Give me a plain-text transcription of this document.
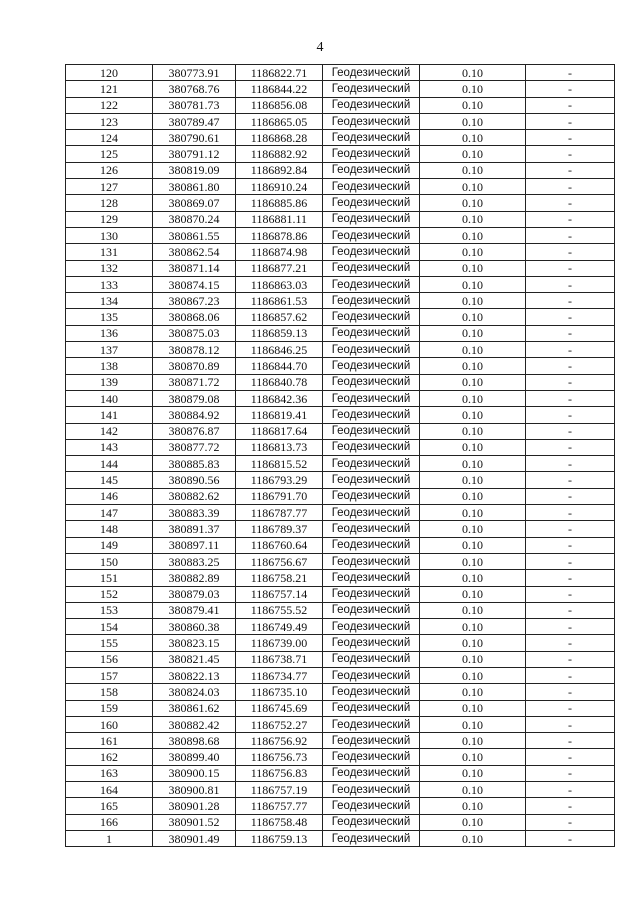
4
120	380773.91	1186822.71	Геодезический	0.10	-
121	380768.76	1186844.22	Геодезический	0.10	-
122	380781.73	1186856.08	Геодезический	0.10	-
123	380789.47	1186865.05	Геодезический	0.10	-
124	380790.61	1186868.28	Геодезический	0.10	-
125	380791.12	1186882.92	Геодезический	0.10	-
126	380819.09	1186892.84	Геодезический	0.10	-
127	380861.80	1186910.24	Геодезический	0.10	-
128	380869.07	1186885.86	Геодезический	0.10	-
129	380870.24	1186881.11	Геодезический	0.10	-
130	380861.55	1186878.86	Геодезический	0.10	-
131	380862.54	1186874.98	Геодезический	0.10	-
132	380871.14	1186877.21	Геодезический	0.10	-
133	380874.15	1186863.03	Геодезический	0.10	-
134	380867.23	1186861.53	Геодезический	0.10	-
135	380868.06	1186857.62	Геодезический	0.10	-
136	380875.03	1186859.13	Геодезический	0.10	-
137	380878.12	1186846.25	Геодезический	0.10	-
138	380870.89	1186844.70	Геодезический	0.10	-
139	380871.72	1186840.78	Геодезический	0.10	-
140	380879.08	1186842.36	Геодезический	0.10	-
141	380884.92	1186819.41	Геодезический	0.10	-
142	380876.87	1186817.64	Геодезический	0.10	-
143	380877.72	1186813.73	Геодезический	0.10	-
144	380885.83	1186815.52	Геодезический	0.10	-
145	380890.56	1186793.29	Геодезический	0.10	-
146	380882.62	1186791.70	Геодезический	0.10	-
147	380883.39	1186787.77	Геодезический	0.10	-
148	380891.37	1186789.37	Геодезический	0.10	-
149	380897.11	1186760.64	Геодезический	0.10	-
150	380883.25	1186756.67	Геодезический	0.10	-
151	380882.89	1186758.21	Геодезический	0.10	-
152	380879.03	1186757.14	Геодезический	0.10	-
153	380879.41	1186755.52	Геодезический	0.10	-
154	380860.38	1186749.49	Геодезический	0.10	-
155	380823.15	1186739.00	Геодезический	0.10	-
156	380821.45	1186738.71	Геодезический	0.10	-
157	380822.13	1186734.77	Геодезический	0.10	-
158	380824.03	1186735.10	Геодезический	0.10	-
159	380861.62	1186745.69	Геодезический	0.10	-
160	380882.42	1186752.27	Геодезический	0.10	-
161	380898.68	1186756.92	Геодезический	0.10	-
162	380899.40	1186756.73	Геодезический	0.10	-
163	380900.15	1186756.83	Геодезический	0.10	-
164	380900.81	1186757.19	Геодезический	0.10	-
165	380901.28	1186757.77	Геодезический	0.10	-
166	380901.52	1186758.48	Геодезический	0.10	-
1	380901.49	1186759.13	Геодезический	0.10	-
